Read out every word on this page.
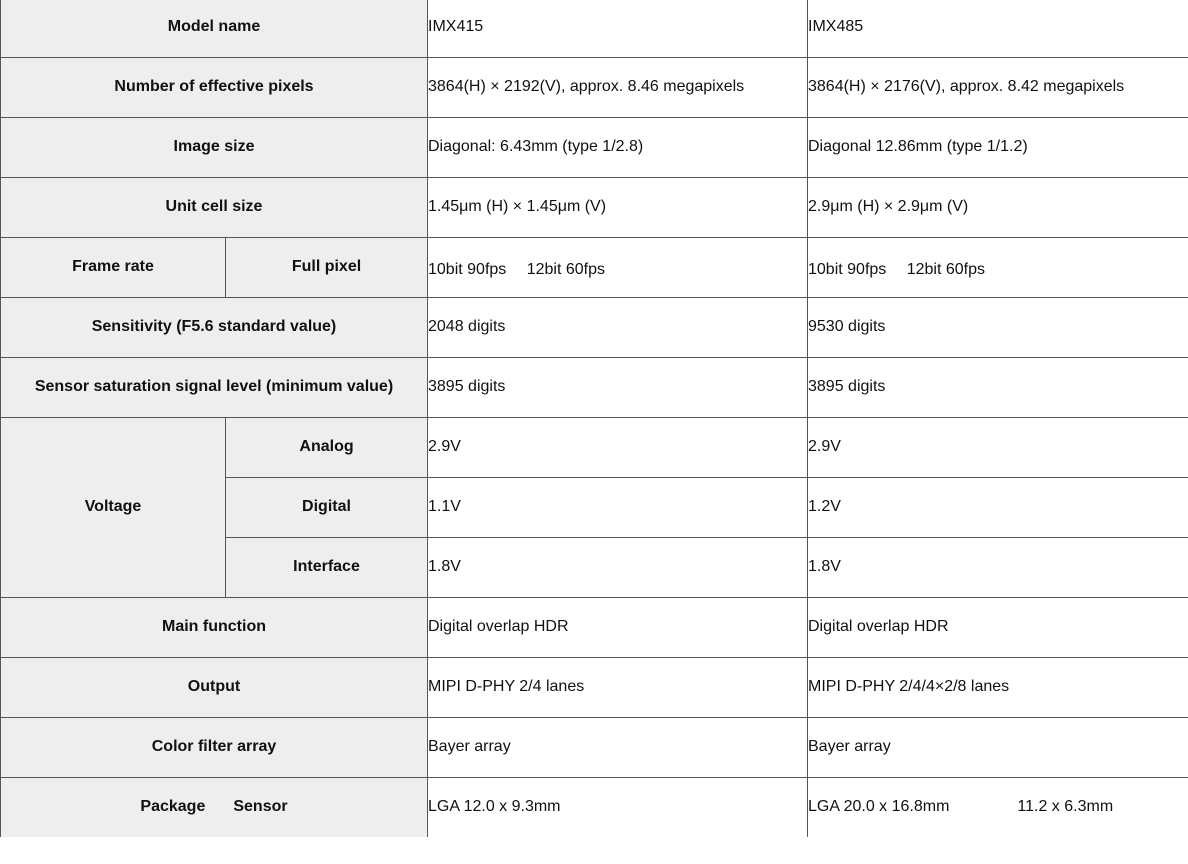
Model name		IMX415	IMX485
Number of effective pixels		3864(H) × 2192(V), approx. 8.46 megapixels	3864(H) × 2176(V), approx. 8.42 megapixels
Image size		Diagonal: 6.43mm (type 1/2.8)	Diagonal 12.86mm (type 1/1.2)
Unit cell size		1.45μm (H) × 1.45μm (V)	2.9μm (H) × 2.9μm (V)
Frame rate	Full pixel	10bit 90fps　 12bit 60fps	10bit 90fps　 12bit 60fps
Sensitivity (F5.6 standard value)		2048 digits	9530 digits
Sensor saturation signal level (minimum value)		3895 digits	3895 digits
Voltage	Analog	2.9V	2.9V
	Digital	1.1V	1.2V
	Interface	1.8V	1.8V
Main function		Digital overlap HDR	Digital overlap HDR
Output		MIPI D-PHY 2/4 lanes	MIPI D-PHY 2/4/4×2/8 lanes
Color filter array		Bayer array	Bayer array
Package Sensor		LGA 12.0 x 9.3mm	LGA 20.0 x 16.8mm 11.2 x 6.3mm
